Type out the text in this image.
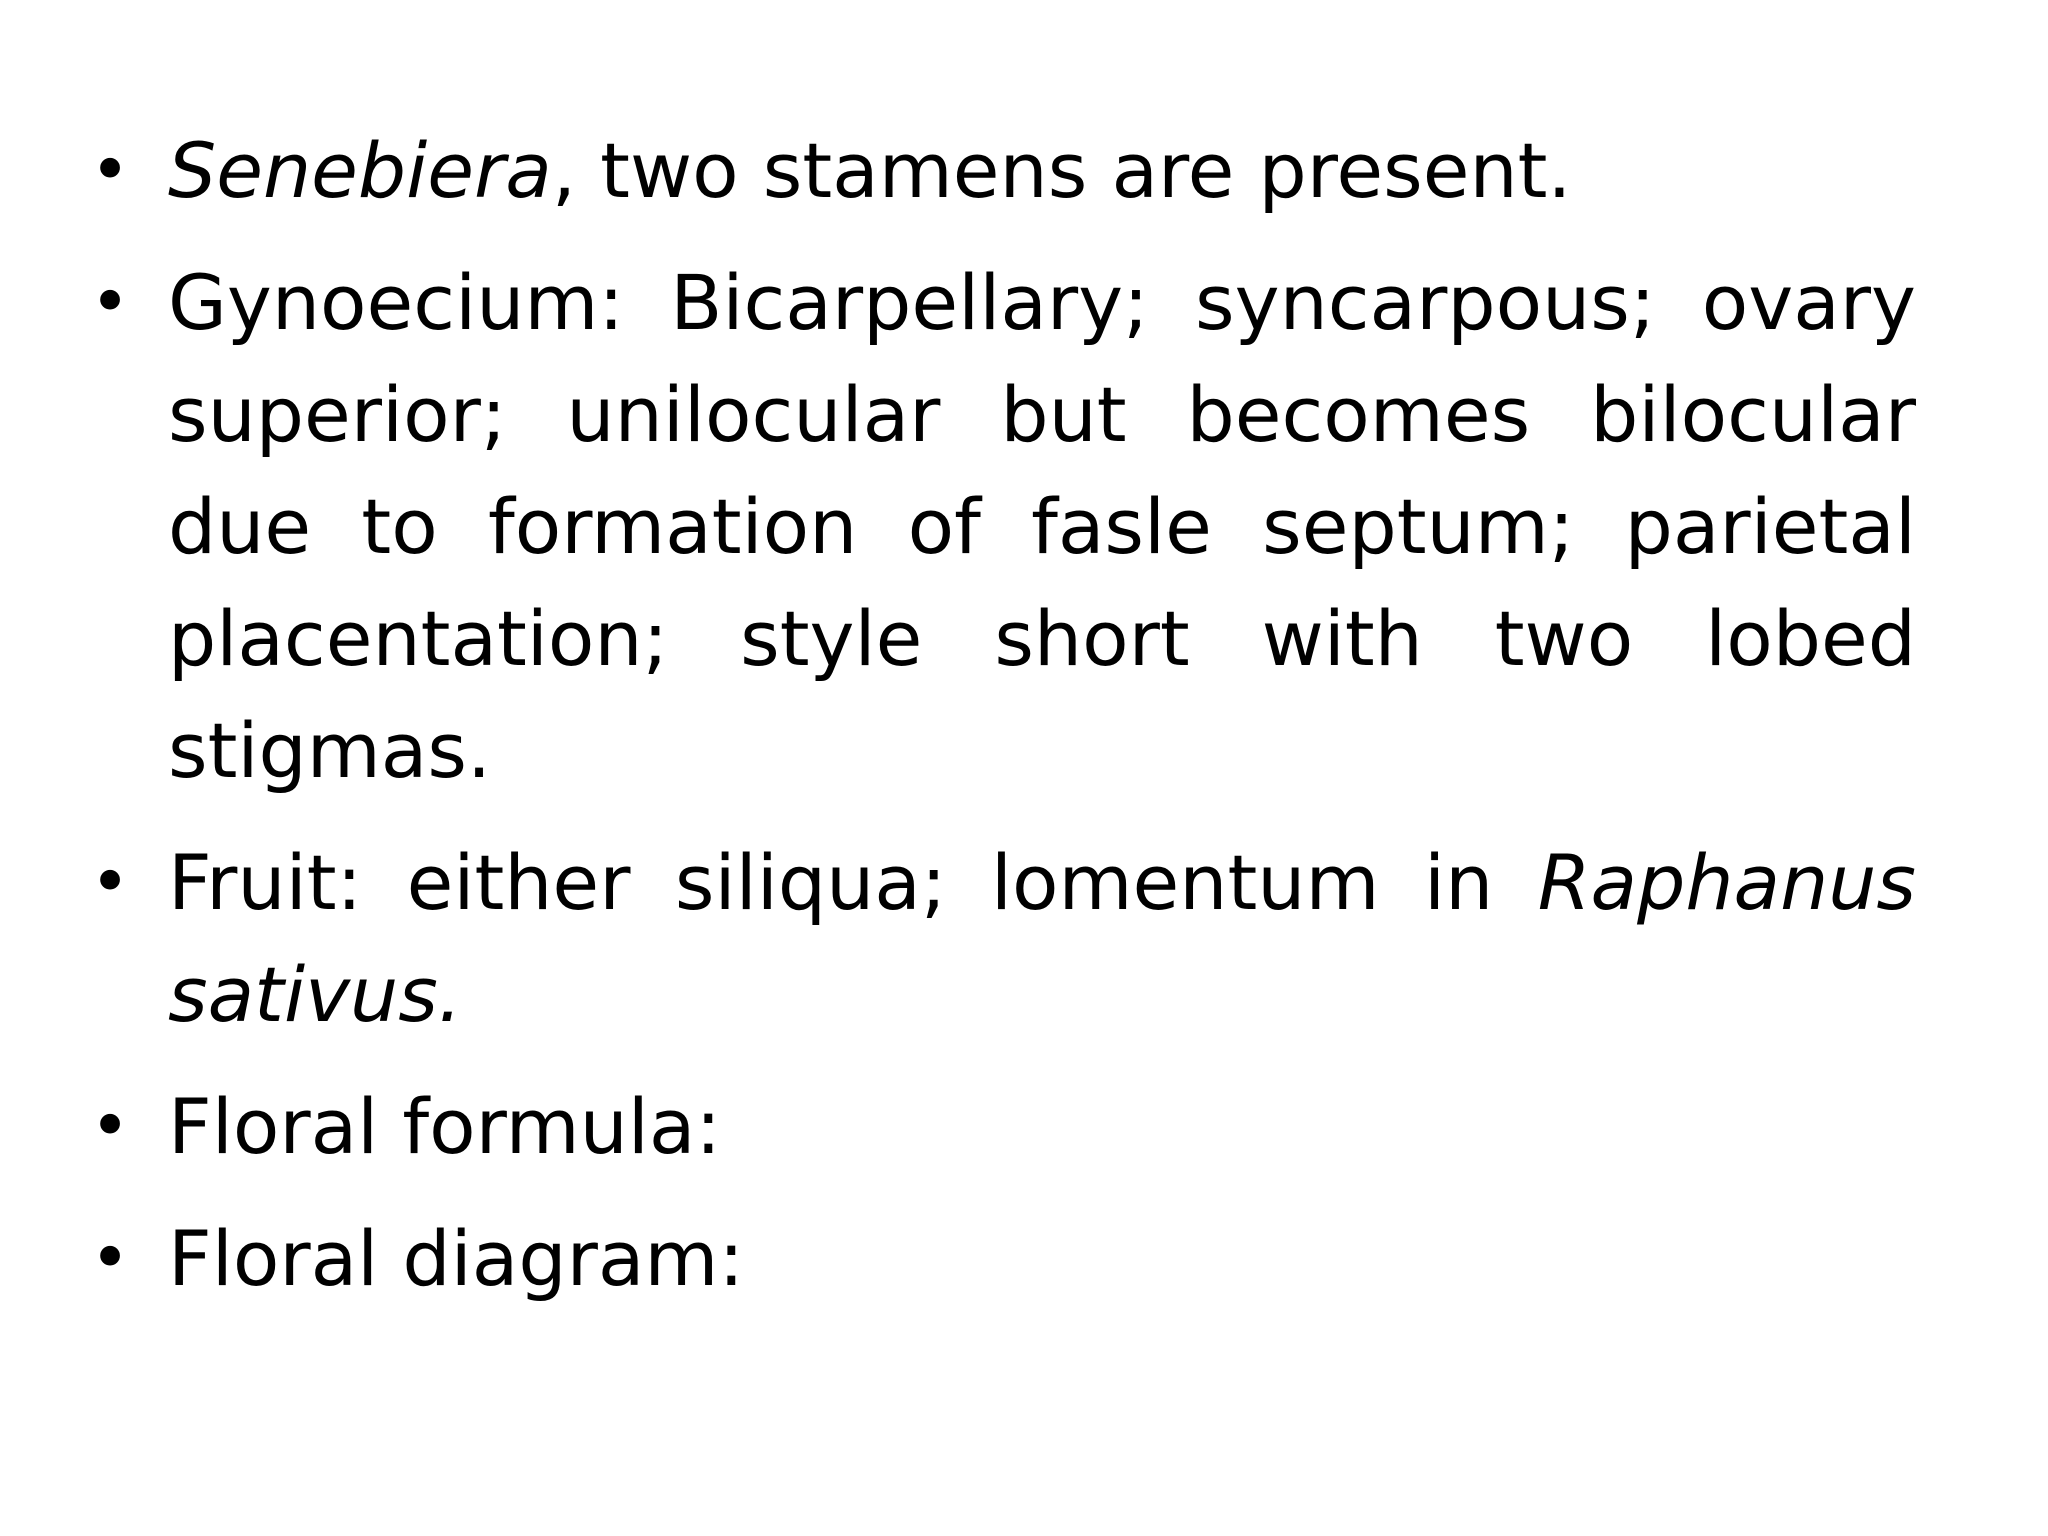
• Senebiera, two stamens are present.
• Gynoecium: Bicarpellary; syncarpous; ovary superior; unilocular but becomes bilocular due to formation of fasle septum; parietal placentation; style short with two lobed stigmas.
• Fruit: either siliqua; lomentum in Raphanus sativus.
• Floral formula:
• Floral diagram:
